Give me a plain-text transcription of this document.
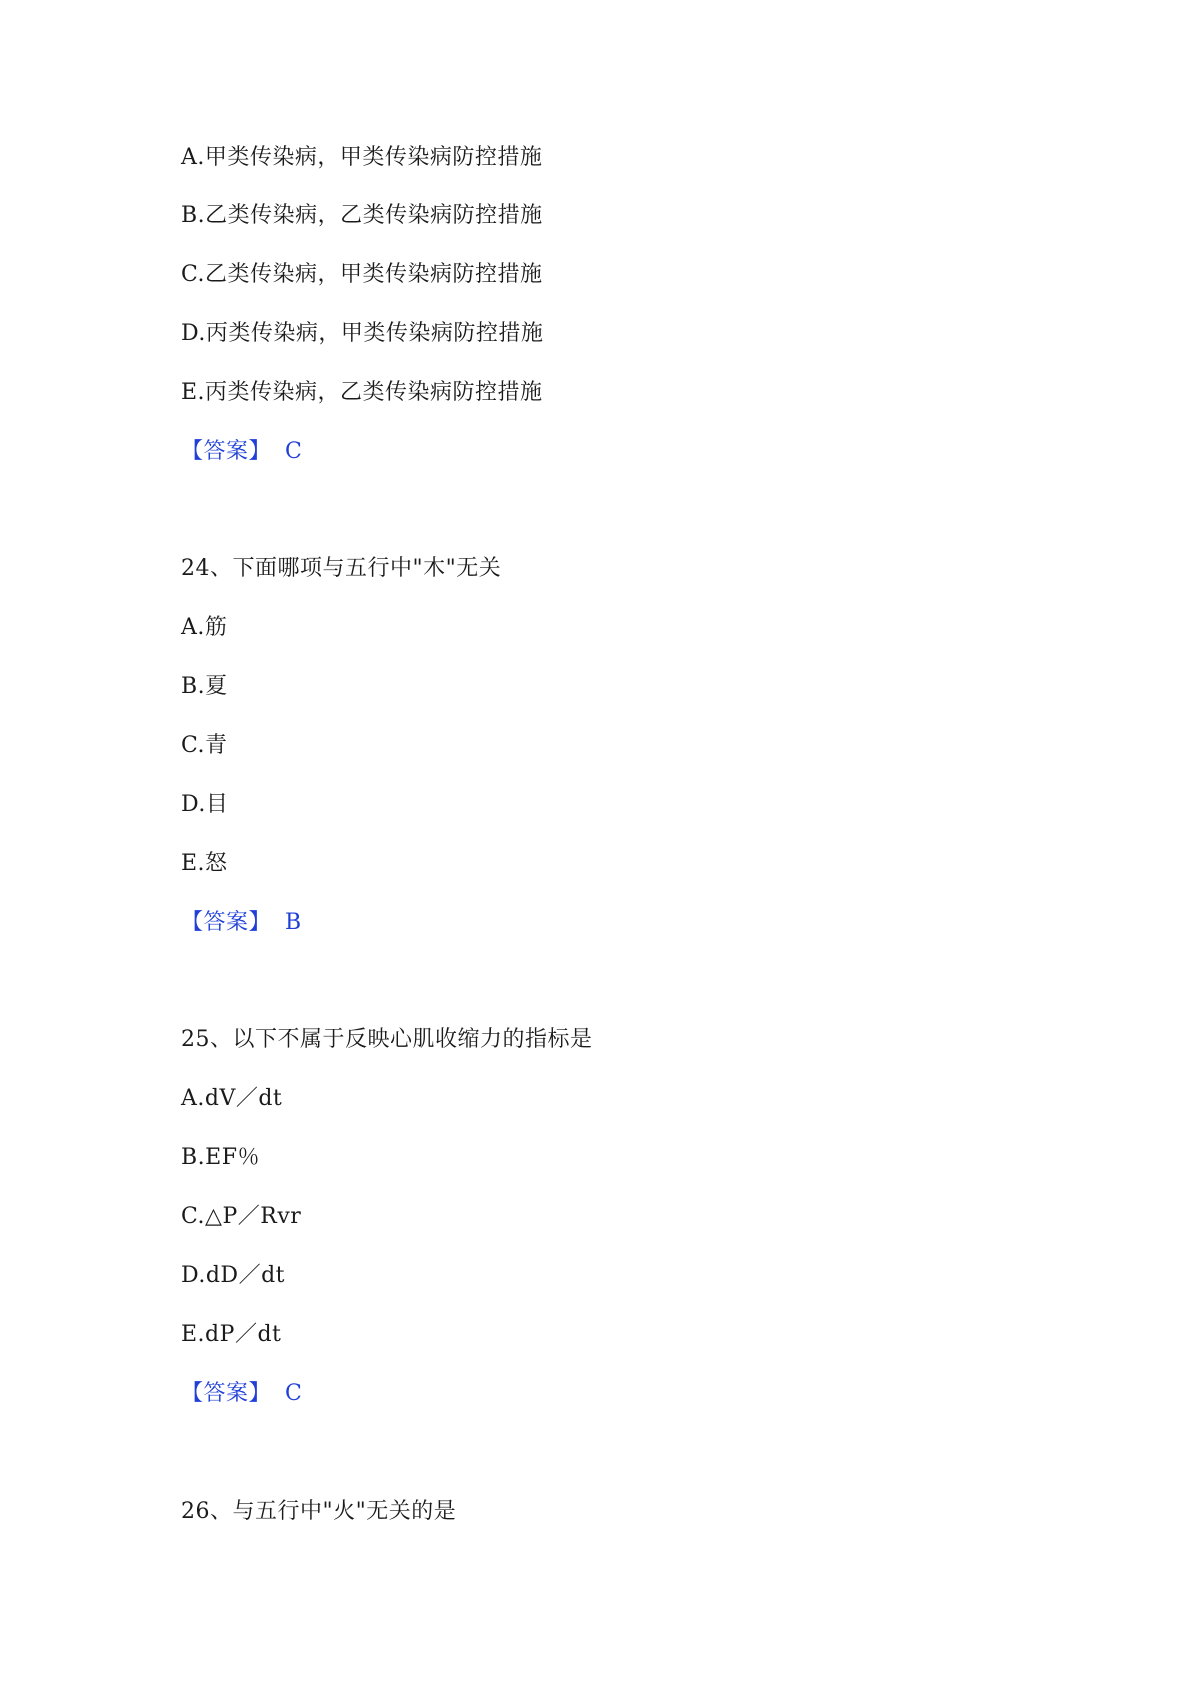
A.甲类传染病，甲类传染病防控措施
B.乙类传染病，乙类传染病防控措施
C.乙类传染病，甲类传染病防控措施
D.丙类传染病，甲类传染病防控措施
E.丙类传染病，乙类传染病防控措施
【答案】 C
24、下面哪项与五行中"木"无关
A.筋
B.夏
C.青
D.目
E.怒
【答案】 B
25、以下不属于反映心肌收缩力的指标是
A.dV／dt
B.EF％
C.△P／Rvr
D.dD／dt
E.dP／dt
【答案】 C
26、与五行中"火"无关的是
